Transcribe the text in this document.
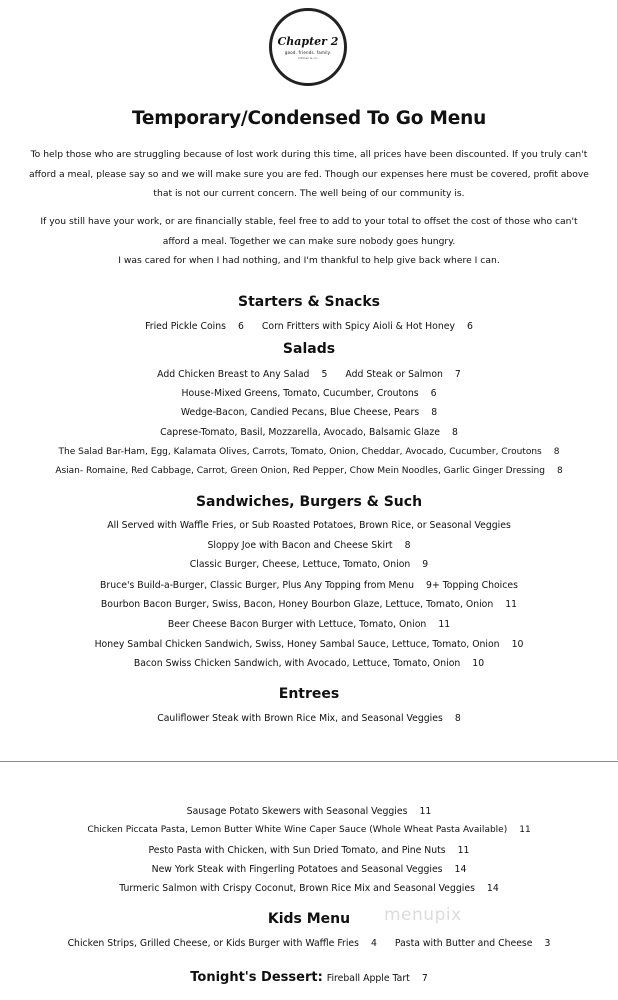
Chapter 2
good. friends. family.
kitchen & co.
Temporary/Condensed To Go Menu
To help those who are struggling because of lost work during this time, all prices have been discounted. If you truly can't afford a meal, please say so and we will make sure you are fed. Though our expenses here must be covered, profit above that is not our current concern. The well being of our community is.
If you still have your work, or are financially stable, feel free to add to your total to offset the cost of those who can't afford a meal. Together we can make sure nobody goes hungry.
I was cared for when I had nothing, and I'm thankful to help give back where I can.
Starters & Snacks
Fried Pickle Coins 6 Corn Fritters with Spicy Aioli & Hot Honey 6
Salads
Add Chicken Breast to Any Salad 5 Add Steak or Salmon 7
House-Mixed Greens, Tomato, Cucumber, Croutons 6
Wedge-Bacon, Candied Pecans, Blue Cheese, Pears 8
Caprese-Tomato, Basil, Mozzarella, Avocado, Balsamic Glaze 8
The Salad Bar-Ham, Egg, Kalamata Olives, Carrots, Tomato, Onion, Cheddar, Avocado, Cucumber, Croutons 8
Asian- Romaine, Red Cabbage, Carrot, Green Onion, Red Pepper, Chow Mein Noodles, Garlic Ginger Dressing 8
Sandwiches, Burgers & Such
All Served with Waffle Fries, or Sub Roasted Potatoes, Brown Rice, or Seasonal Veggies
Sloppy Joe with Bacon and Cheese Skirt 8
Classic Burger, Cheese, Lettuce, Tomato, Onion 9
Bruce's Build-a-Burger, Classic Burger, Plus Any Topping from Menu 9+ Topping Choices
Bourbon Bacon Burger, Swiss, Bacon, Honey Bourbon Glaze, Lettuce, Tomato, Onion 11
Beer Cheese Bacon Burger with Lettuce, Tomato, Onion 11
Honey Sambal Chicken Sandwich, Swiss, Honey Sambal Sauce, Lettuce, Tomato, Onion 10
Bacon Swiss Chicken Sandwich, with Avocado, Lettuce, Tomato, Onion 10
Entrees
Cauliflower Steak with Brown Rice Mix, and Seasonal Veggies 8
Sausage Potato Skewers with Seasonal Veggies 11
Chicken Piccata Pasta, Lemon Butter White Wine Caper Sauce (Whole Wheat Pasta Available) 11
Pesto Pasta with Chicken, with Sun Dried Tomato, and Pine Nuts 11
New York Steak with Fingerling Potatoes and Seasonal Veggies 14
Turmeric Salmon with Crispy Coconut, Brown Rice Mix and Seasonal Veggies 14
menupix
Kids Menu
Chicken Strips, Grilled Cheese, or Kids Burger with Waffle Fries 4 Pasta with Butter and Cheese 3
Tonight's Dessert: Fireball Apple Tart 7
